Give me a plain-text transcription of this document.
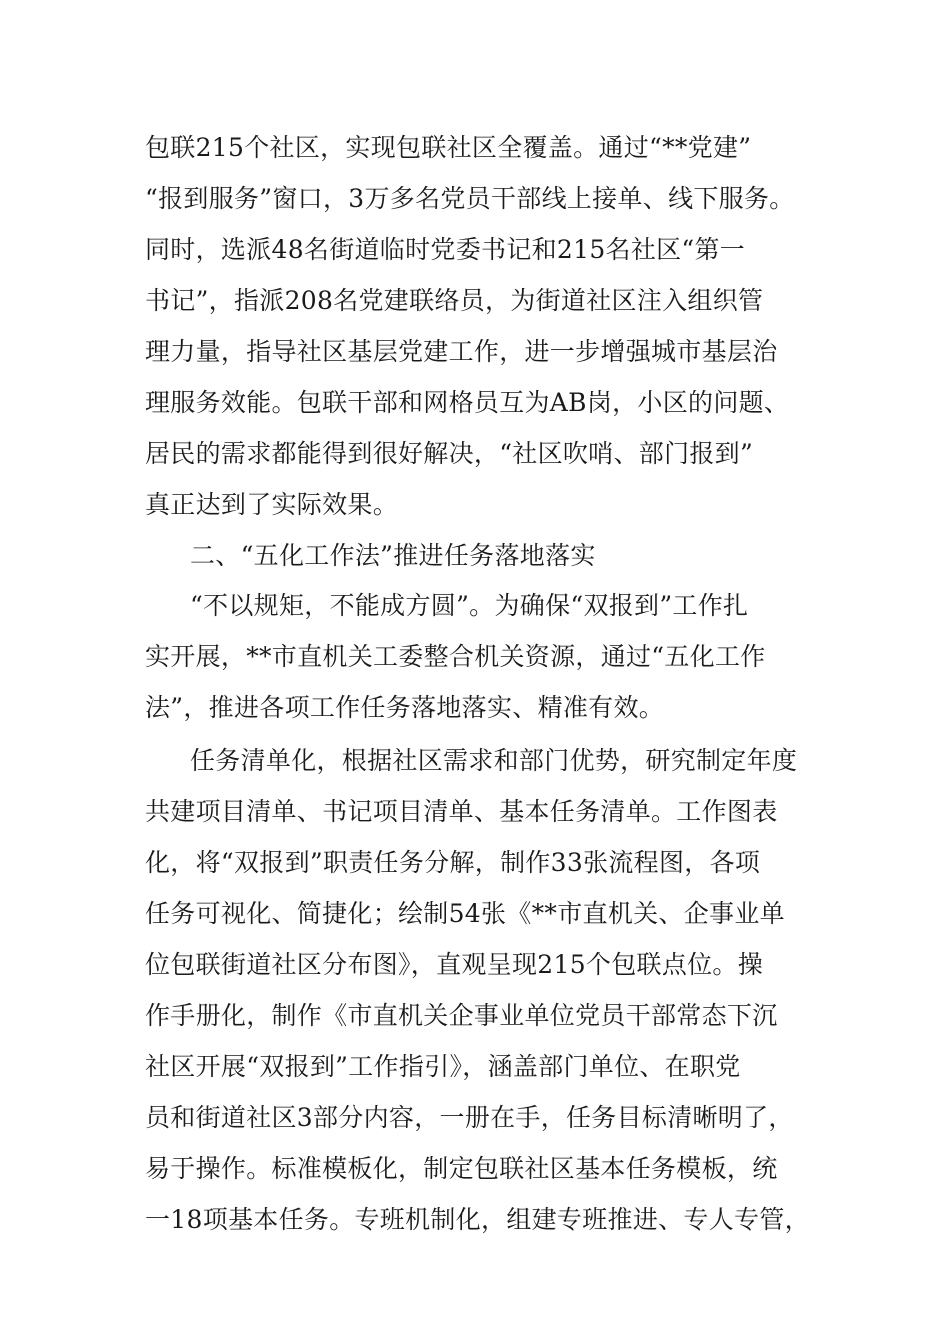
包联215个社区，实现包联社区全覆盖。通过“**党建”
“报到服务”窗口，3万多名党员干部线上接单、线下服务。
同时，选派48名街道临时党委书记和215名社区“第一
书记”，指派208名党建联络员，为街道社区注入组织管
理力量，指导社区基层党建工作，进一步增强城市基层治
理服务效能。包联干部和网格员互为AB岗，小区的问题、
居民的需求都能得到很好解决，“社区吹哨、部门报到”
真正达到了实际效果。
二、“五化工作法”推进任务落地落实
“不以规矩，不能成方圆”。为确保“双报到”工作扎
实开展，**市直机关工委整合机关资源，通过“五化工作
法”，推进各项工作任务落地落实、精准有效。
任务清单化，根据社区需求和部门优势，研究制定年度
共建项目清单、书记项目清单、基本任务清单。工作图表
化，将“双报到”职责任务分解，制作33张流程图，各项
任务可视化、简捷化；绘制54张《**市直机关、企事业单
位包联街道社区分布图》，直观呈现215个包联点位。操
作手册化，制作《市直机关企事业单位党员干部常态下沉
社区开展“双报到”工作指引》，涵盖部门单位、在职党
员和街道社区3部分内容，一册在手，任务目标清晰明了，
易于操作。标准模板化，制定包联社区基本任务模板，统
一18项基本任务。专班机制化，组建专班推进、专人专管，
